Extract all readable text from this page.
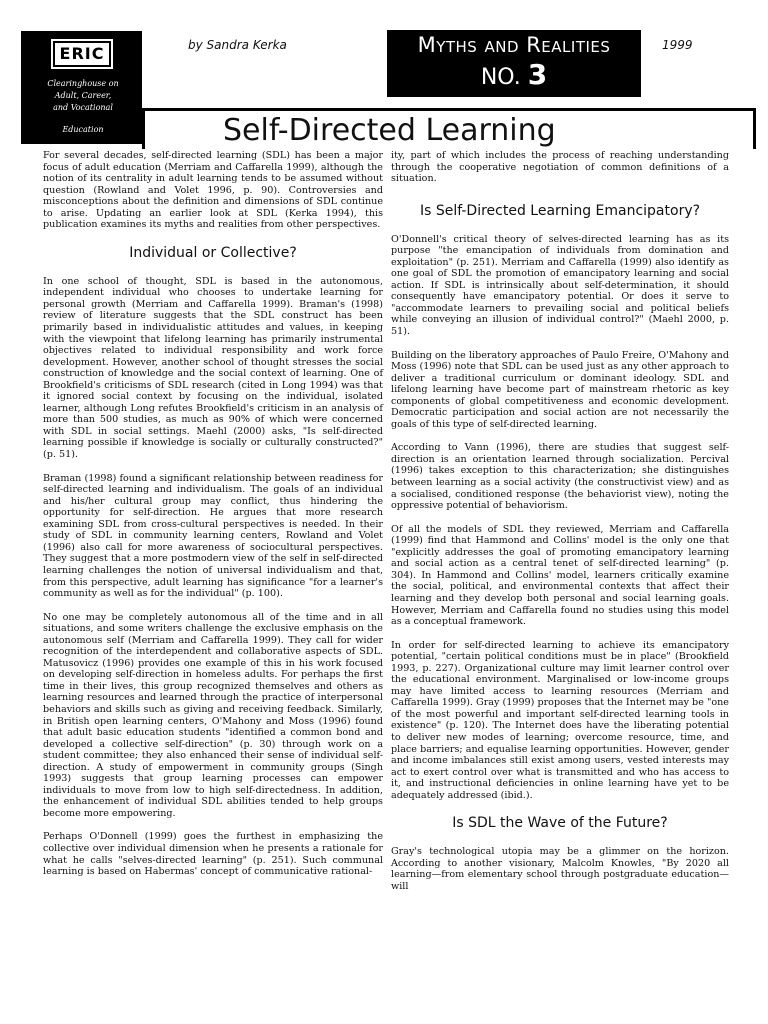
ERIC
Clearinghouse on
Adult, Career,
and Vocational
Education
by Sandra Kerka	Myths and Realities
NO. 3
1999
Self-Directed Learning

For several decades, self-directed learning (SDL) has been a major focus of adult education (Merriam and Caffarella 1999), although the notion of its centrality in adult learning tends to be assumed without question (Rowland and Volet 1996, p. 90). Controversies and misconceptions about the definition and dimensions of SDL continue to arise. Updating an earlier look at SDL (Kerka 1994), this publication examines its myths and realities from other perspectives.

Individual or Collective?

In one school of thought, SDL is based in the autonomous, independent individual who chooses to undertake learning for personal growth (Merriam and Caffarella 1999). Braman's (1998) review of literature suggests that the SDL construct has been primarily based in individualistic attitudes and values, in keeping with the viewpoint that lifelong learning has primarily instrumental objectives related to individual responsibility and work force development. However, another school of thought stresses the social construction of knowledge and the social context of learning. One of Brookfield's criticisms of SDL research (cited in Long 1994) was that it ignored social context by focusing on the individual, isolated learner, although Long refutes Brookfield's criticism in an analysis of more than 500 studies, as much as 90% of which were concerned with SDL in social settings. Maehl (2000) asks, "Is self-directed learning possible if knowledge is socially or culturally constructed?" (p. 51).

Braman (1998) found a significant relationship between readiness for self-directed learning and individualism. The goals of an individual and his/her cultural group may conflict, thus hindering the opportunity for self-direction. He argues that more research examining SDL from cross-cultural perspectives is needed. In their study of SDL in community learning centers, Rowland and Volet (1996) also call for more awareness of sociocultural perspectives. They suggest that a more postmodern view of the self in self-directed learning challenges the notion of universal individualism and that, from this perspective, adult learning has significance "for a learner's community as well as for the individual" (p. 100).

No one may be completely autonomous all of the time and in all situations, and some writers challenge the exclusive emphasis on the autonomous self (Merriam and Caffarella 1999). They call for wider recognition of the interdependent and collaborative aspects of SDL. Matusovicz (1996) provides one example of this in his work focused on developing self-direction in homeless adults. For perhaps the first time in their lives, this group recognized themselves and others as learning resources and learned through the practice of interpersonal behaviors and skills such as giving and receiving feedback. Similarly, in British open learning centers, O'Mahony and Moss (1996) found that adult basic education students "identified a common bond and developed a collective self-direction" (p. 30) through work on a student committee; they also enhanced their sense of individual self-direction. A study of empowerment in community groups (Singh 1993) suggests that group learning processes can empower individuals to move from low to high self-directedness. In addition, the enhancement of individual SDL abilities tended to help groups become more empowering.

Perhaps O'Donnell (1999) goes the furthest in emphasizing the collective over individual dimension when he presents a rationale for what he calls "selves-directed learning" (p. 251). Such communal learning is based on Habermas' concept of communicative rational-

ity, part of which includes the process of reaching understanding through the cooperative negotiation of common definitions of a situation.

Is Self-Directed Learning Emancipatory?

O'Donnell's critical theory of selves-directed learning has as its purpose "the emancipation of individuals from domination and exploitation" (p. 251). Merriam and Caffarella (1999) also identify as one goal of SDL the promotion of emancipatory learning and social action. If SDL is intrinsically about self-determination, it should consequently have emancipatory potential. Or does it serve to "accommodate learners to prevailing social and political beliefs while conveying an illusion of individual control?" (Maehl 2000, p. 51).

Building on the liberatory approaches of Paulo Freire, O'Mahony and Moss (1996) note that SDL can be used just as any other approach to deliver a traditional curriculum or dominant ideology. SDL and lifelong learning have become part of mainstream rhetoric as key components of global competitiveness and economic development. Democratic participation and social action are not necessarily the goals of this type of self-directed learning.

According to Vann (1996), there are studies that suggest self-direction is an orientation learned through socialization. Percival (1996) takes exception to this characterization; she distinguishes between learning as a social activity (the constructivist view) and as a socialised, conditioned response (the behaviorist view), noting the oppressive potential of behaviorism.

Of all the models of SDL they reviewed, Merriam and Caffarella (1999) find that Hammond and Collins' model is the only one that "explicitly addresses the goal of promoting emancipatory learning and social action as a central tenet of self-directed learning" (p. 304). In Hammond and Collins' model, learners critically examine the social, political, and environmental contexts that affect their learning and they develop both personal and social learning goals. However, Merriam and Caffarella found no studies using this model as a conceptual framework.

In order for self-directed learning to achieve its emancipatory potential, "certain political conditions must be in place" (Brookfield 1993, p. 227). Organizational culture may limit learner control over the educational environment. Marginalised or low-income groups may have limited access to learning resources (Merriam and Caffarella 1999). Gray (1999) proposes that the Internet may be "one of the most powerful and important self-directed learning tools in existence" (p. 120). The Internet does have the liberating potential to deliver new modes of learning; overcome resource, time, and place barriers; and equalise learning opportunities. However, gender and income imbalances still exist among users, vested interests may act to exert control over what is transmitted and who has access to it, and instructional deficiencies in online learning have yet to be adequately addressed (ibid.).

Is SDL the Wave of the Future?

Gray's technological utopia may be a glimmer on the horizon. According to another visionary, Malcolm Knowles, "By 2020 all learning—from elementary school through postgraduate education—will
